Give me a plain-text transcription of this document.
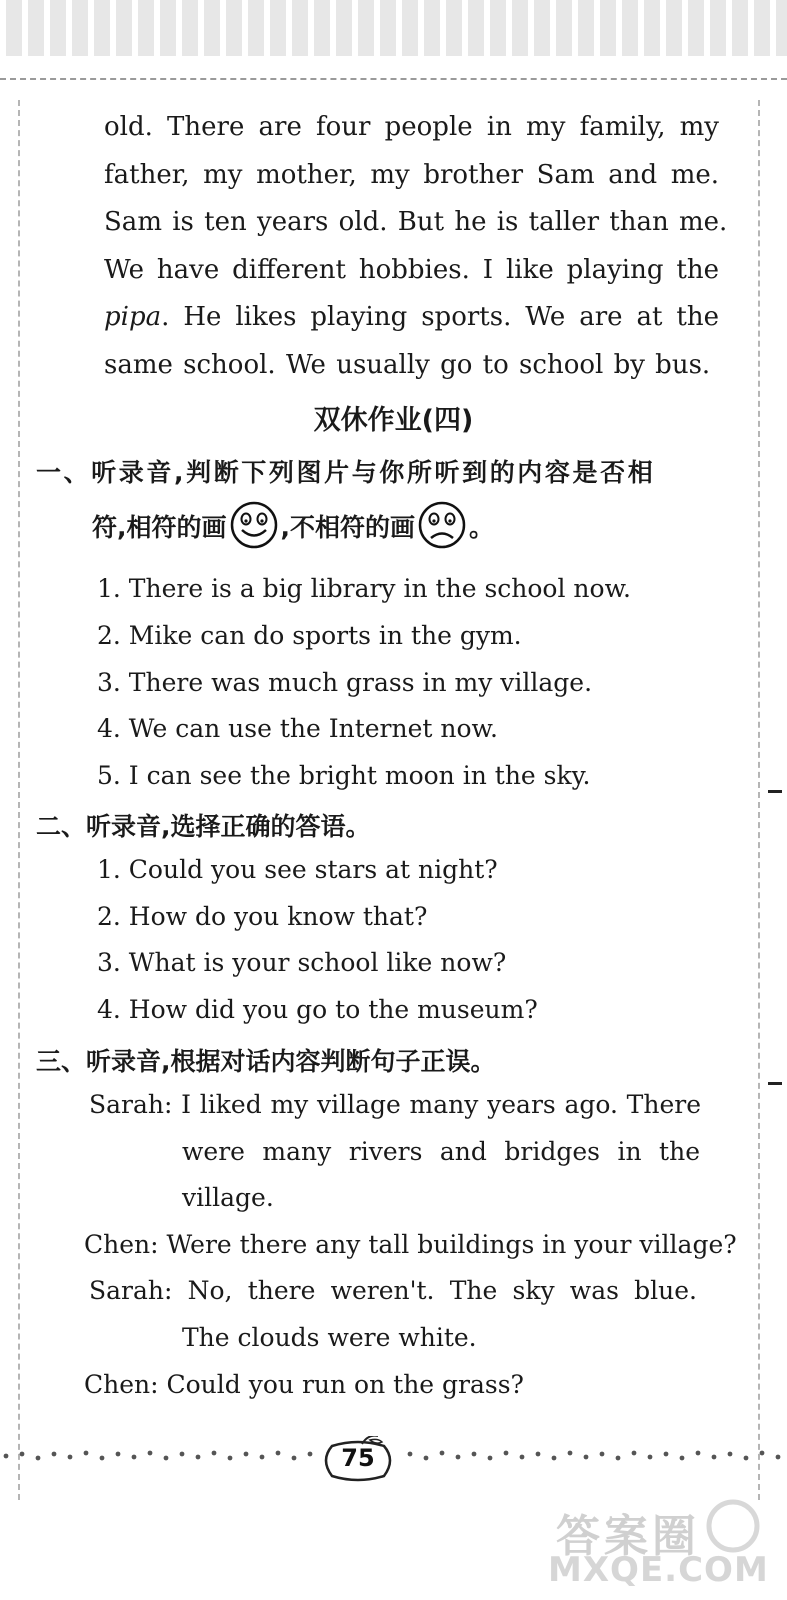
old. There are four people in my family, my
father, my mother, my brother Sam and me.
Sam is ten years old. But he is taller than me.
We have different hobbies. I like playing the
pipa. He likes playing sports. We are at the
same school. We usually go to school by bus.
双休作业(四)
一、听录音,判断下列图片与你所听到的内容是否相
符,相符的画 ,不相符的画 。
1. There is a big library in the school now.
2. Mike can do sports in the gym.
3. There was much grass in my village.
4. We can use the Internet now.
5. I can see the bright moon in the sky.
二、听录音,选择正确的答语。
1. Could you see stars at night?
2. How do you know that?
3. What is your school like now?
4. How did you go to the museum?
三、听录音,根据对话内容判断句子正误。
Sarah: I liked my village many years ago. There
were many rivers and bridges in the
village.
Chen: Were there any tall buildings in your village?
Sarah: No, there weren't. The sky was blue.
The clouds were white.
Chen: Could you run on the grass?
75
答案圈
MXQE.COM
